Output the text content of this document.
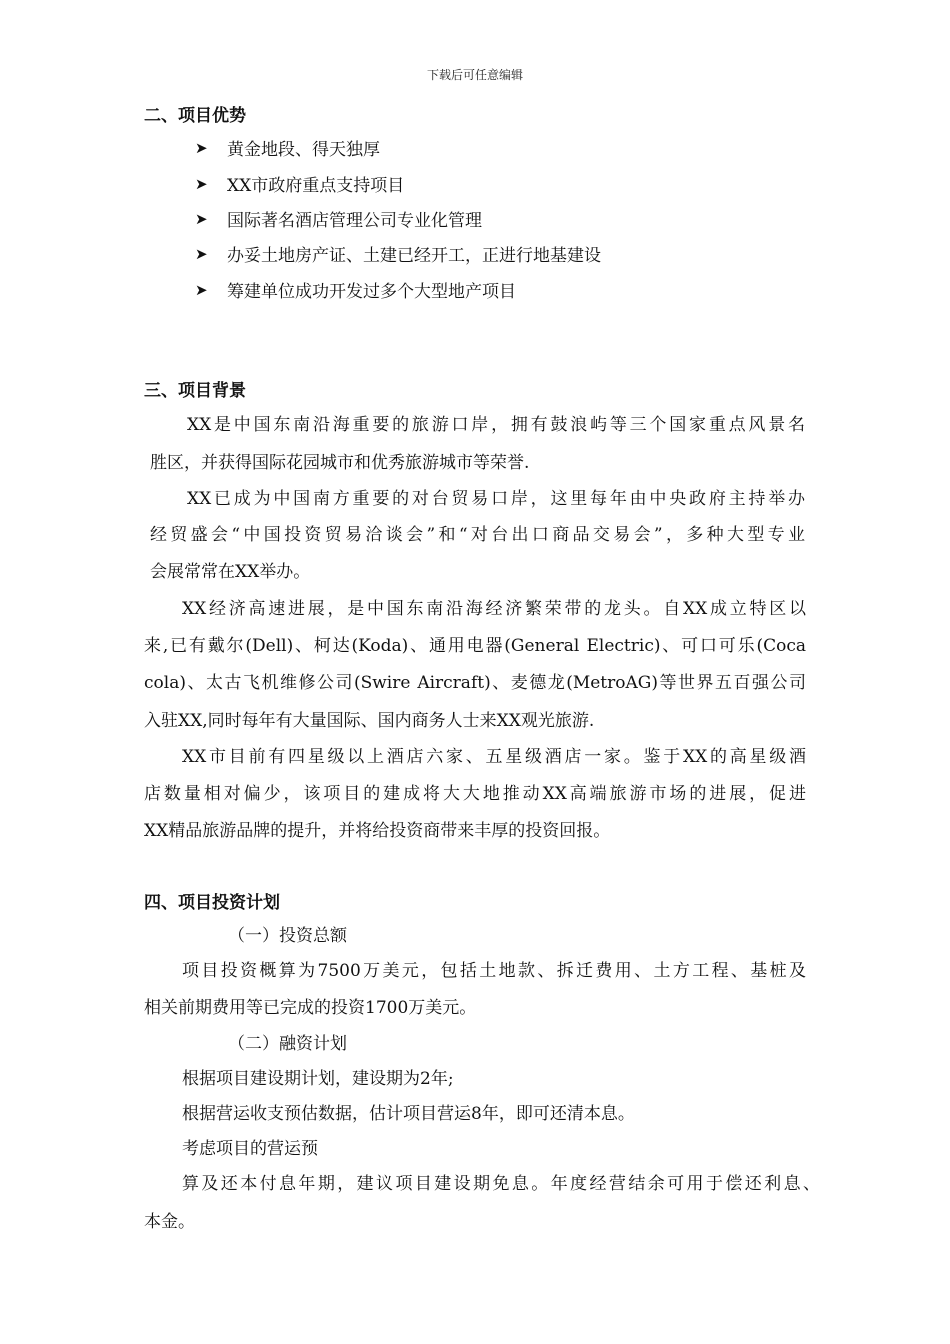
下载后可任意编辑
二、项目优势
➤	黄金地段、得天独厚
➤	XX市政府重点支持项目
➤	国际著名酒店管理公司专业化管理
➤	办妥土地房产证、土建已经开工，正进行地基建设
➤	筹建单位成功开发过多个大型地产项目
三、项目背景
XX是中国东南沿海重要的旅游口岸，拥有鼓浪屿等三个国家重点风景名
胜区，并获得国际花园城市和优秀旅游城市等荣誉.
XX已成为中国南方重要的对台贸易口岸，这里每年由中央政府主持举办
经贸盛会“中国投资贸易洽谈会”和“对台出口商品交易会”，多种大型专业
会展常常在XX举办。
XX经济高速进展，是中国东南沿海经济繁荣带的龙头。自XX成立特区以
来,已有戴尔(Dell)、柯达(Koda)、通用电器(General Electric)、可口可乐(Coca
cola)、太古飞机维修公司(Swire Aircraft)、麦德龙(MetroAG)等世界五百强公司
入驻XX,同时每年有大量国际、国内商务人士来XX观光旅游.
XX市目前有四星级以上酒店六家、五星级酒店一家。鉴于XX的高星级酒
店数量相对偏少，该项目的建成将大大地推动XX高端旅游市场的进展，促进
XX精品旅游品牌的提升，并将给投资商带来丰厚的投资回报。
四、项目投资计划
（一）投资总额
项目投资概算为7500万美元，包括土地款、拆迁费用、土方工程、基桩及
相关前期费用等已完成的投资1700万美元。
（二）融资计划
根据项目建设期计划，建设期为2年;
根据营运收支预估数据，估计项目营运8年，即可还清本息。
考虑项目的营运预
算及还本付息年期，建议项目建设期免息。年度经营结余可用于偿还利息、
本金。
